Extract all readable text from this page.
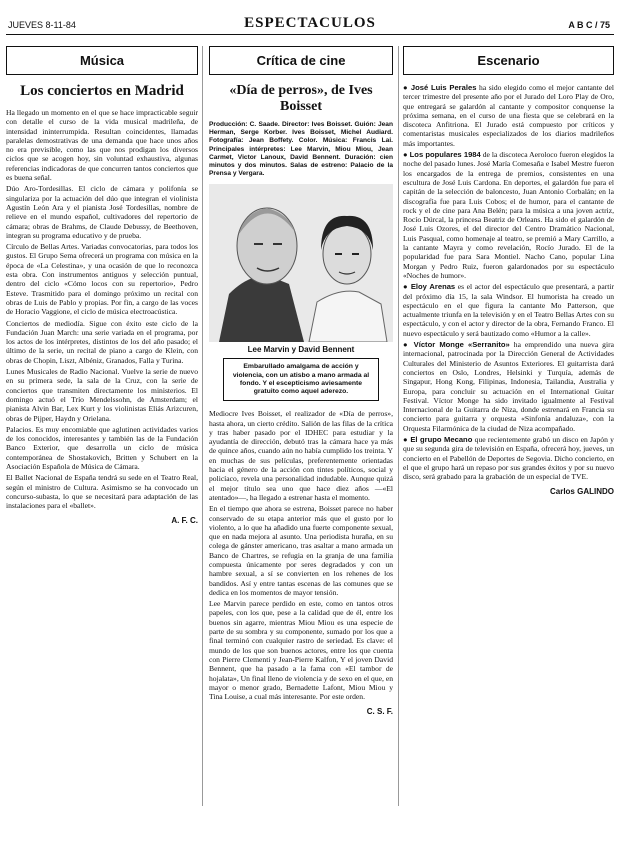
JUEVES 8-11-84	ESPECTACULOS	A B C / 75
Música
Los conciertos en Madrid

Ha llegado un momento en el que se hace impracticable seguir con detalle el curso de la vida musical madrileña, de intensidad ininterrumpida. Resultan coincidentes, llamadas paralelas demostrativas de una demanda que hace unos años no era previsible, como las que nos prodigan los diversos ciclos que se acogen hoy, sin voluntad exhaustiva, algunas referencias indicadoras de que concurren tantos conciertos que es buena señal.

Dúo Aro-Tordesillas. El ciclo de cámara y polifonía se singulariza por la actuación del dúo que integran el violinista Agustín León Ara y el pianista José Tordesillas, nombre de relieve en el mundo español, cultivadores del repertorio de cámara; obras de Brahms, de Claude Debussy, de Beethoven, integran su programa educativo y de prueba.

Círculo de Bellas Artes. Variadas convocatorias, para todos los gustos. El Grupo Sema ofrecerá un programa con música en la época de «La Celestina», y una ocasión de que lo reconozca esta obra. Con instrumentos antiguos y selección puntual, dentro del ciclo «Cómo locos con su repertorio», Pedro Esteve. Trasmitido para el domingo próximo un recital con obras de Luis de Pablo y propias. Por fin, a cargo de las voces de Horacio Vaggione, el ciclo de música electroacústica.

Conciertos de mediodía. Sigue con éxito este ciclo de la Fundación Juan March: una serie variada en el programa, por los actos de los intérpretes, distintos de los del año pasado; el último de la serie, un recital de piano a cargo de Klein, con obras de Chopin, Liszt, Albéniz, Granados, Falla y Turina.

Lunes Musicales de Radio Nacional. Vuelve la serie de nuevo en su primera sede, la sala de la Cruz, con la serie de conciertos que transmiten directamente los ministerios. El domingo actuó el Trío Mendelssohn, de Amsterdam; el pianista Alvin Bar, Lex Kurt y los violinistas Eliás Arizcuren, obras de Pijper, Haydn y Orielana.

Palacios. Es muy encomiable que aglutinen actividades varios de los conocidos, interesantes y también las de la Fundación Banco Exterior, que desarrolla un ciclo de música contemporánea de Shostakovich, Britten y Schubert en la Asociación Española de Música de Cámara.

El Ballet Nacional de España tendrá su sede en el Teatro Real, según el ministro de Cultura. Asimismo se ha convocado un concurso-subasta, lo que se necesitará para adaptación de las instalaciones para el «ballet».

A. F. C.
Crítica de cine
«Día de perros», de Ives Boisset
Producción: C. Saade. Director: Ives Boisset. Guión: Jean Herman, Serge Korber. Ives Boisset, Michel Audiard. Fotografía: Jean Boffety. Color. Música: Francis Lai. Principales intérpretes: Lee Marvin, Miou Miou, Jean Carmet, Victor Lanoux, David Bennent. Duración: cien minutos y dos minutos. Salas de estreno: Palacio de la Prensa y Vergara.
Lee Marvin y David Bennent
Embarullado amalgama de acción y violencia, con un atisbo a mano armada al fondo. Y el escepticismo aviesamente gratuito como aquel aderezo.

Mediocre Ives Boisset, el realizador de «Día de perros», hasta ahora, un cierto crédito. Salión de las filas de la crítica y tras haber pasado por el IDHEC para estudiar y la ayudantía de dirección, debutó tras la cámara hace ya más de quince años, cuando aún no había cumplido los treinta. Y en muchas de sus películas, preferentemente orientadas hacia el género de la acción con tintes políticos, social y policíaco, revela una personalidad indudable. Aunque quizá el mejor título sea uno que hace diez años —«El atentado»—, ha llegado a estrenar hasta el momento.

En el tiempo que ahora se estrena, Boisset parece no haber conservado de su etapa anterior más que el gusto por lo violento, a lo que ha añadido una fuerte componente sexual, que en nada mejora al asunto. Una periodista huraña, en su colega de gánster americano, tras asaltar a mano armada un Banco de Chartres, se refugia en la granja de una familia compuesta únicamente por seres degradados y con un hambre sexual, a sí se convierten en los rehenes de los bandidos. Así y entre tantas escenas de las comunes que se dedica en los momentos de mayor tensión.

Lee Marvin parece perdido en este, como en tantos otros papeles, con los que, pese a la calidad que de él, entre los buenos sin agarre, mientras Miou Miou es una especie de parte de su sombra y su componente, sumado por los que a final terminó con cualquier rastro de seriedad. Es clave: el mundo de los que son buenos actores, entre los que cuenta con Pierre Clementi y Jean-Pierre Kalfon, Y el joven David Bennent, que ha pasado a la fama con «El tambor de hojalata», Un final lleno de violencia y de sexo en el que, en mayor o menor grado, Bernadette Lafont, Miou Miou y Tina Louise, a cual más interesante. Por este orden.

C. S. F.
Escenario

● José Luis Perales ha sido elegido como el mejor cantante del tercer trimestre del presente año por el Jurado del Loro Play de Oro, que entregará se galardón al cantante y compositor conquense la próxima semana, en el curso de una fiesta que se celebrará en la discoteca Anfitriona. El Jurado está compuesto por críticos y comentaristas musicales especializados de los diarios madrileños más importantes.

● Los populares 1984 de la discoteca Aeroloco fueron elegidos la noche del pasado lunes. José María Comesaña e Isabel Mestre fueron los encargados de la entrega de premios, consistentes en una escultura de José Luis Cardona. En deportes, el galardón fue para el capitán de la selección de baloncesto, Juan Antonio Corbalán; en la discografía fue para Luis Cobos; el de humor, para el cantante de rock y el de cine para Ana Belén; para la música a una joven actriz, Rocío Dúrcal, la princesa Beatriz de Orleans. Ha sido el galardón de José Luis Ozores, el del director del Centro Dramático Nacional, Luis Pasqual, como homenaje al teatro, se premió a Mary Carrillo, a la cantante Mayra y como revelación, Rocío Jurado. El de la popularidad fue para Sara Montiel. Nacho Cano, popular Lina Morgan y Pedro Ruiz, fueron galardonados por su espectáculo «Noches de humor».

● Eloy Arenas es el actor del espectáculo que presentará, a partir del próximo día 15, la sala Windsor. El humorista ha creado un espectáculo en el que figura la cantante Mo Patterson, que actualmente triunfa en la televisión y en el Teatro Bellas Artes con su espectáculo, y con el actor y director de la obra, Fernando Franco. El nuevo espectáculo y será bautizado como «Humor a la calle».

● Víctor Monge «Serranito» ha emprendido una nueva gira internacional, patrocinada por la Dirección General de Actividades Culturales del Ministerio de Asuntos Exteriores. El guitarrista dará conciertos en Oslo, Londres, Helsinki y Turquía, además de Singapur, Hong Kong, Filipinas, Indonesia, Tailandia, Australia y Europa, para concluir su actuación en el International Guitar Festival. Víctor Monge ha sido invitado igualmente al Festival Internacional de la Guitarra de Niza, donde estrenará en Francia su concierto para guitarra y orquesta «Sinfonía andaluza», con la Orquesta Filarmónica de la ciudad de Niza acompañado.

● El grupo Mecano que recientemente grabó un disco en Japón y que su segunda gira de televisión en España, ofrecerá hoy, jueves, un concierto en el Pabellón de Deportes de Segovia. Dicho concierto, en el que el grupo hará un repaso por sus grandes éxitos y por su nuevo disco, será grabado para la grabación de un especial de TVE.

Carlos GALINDO
